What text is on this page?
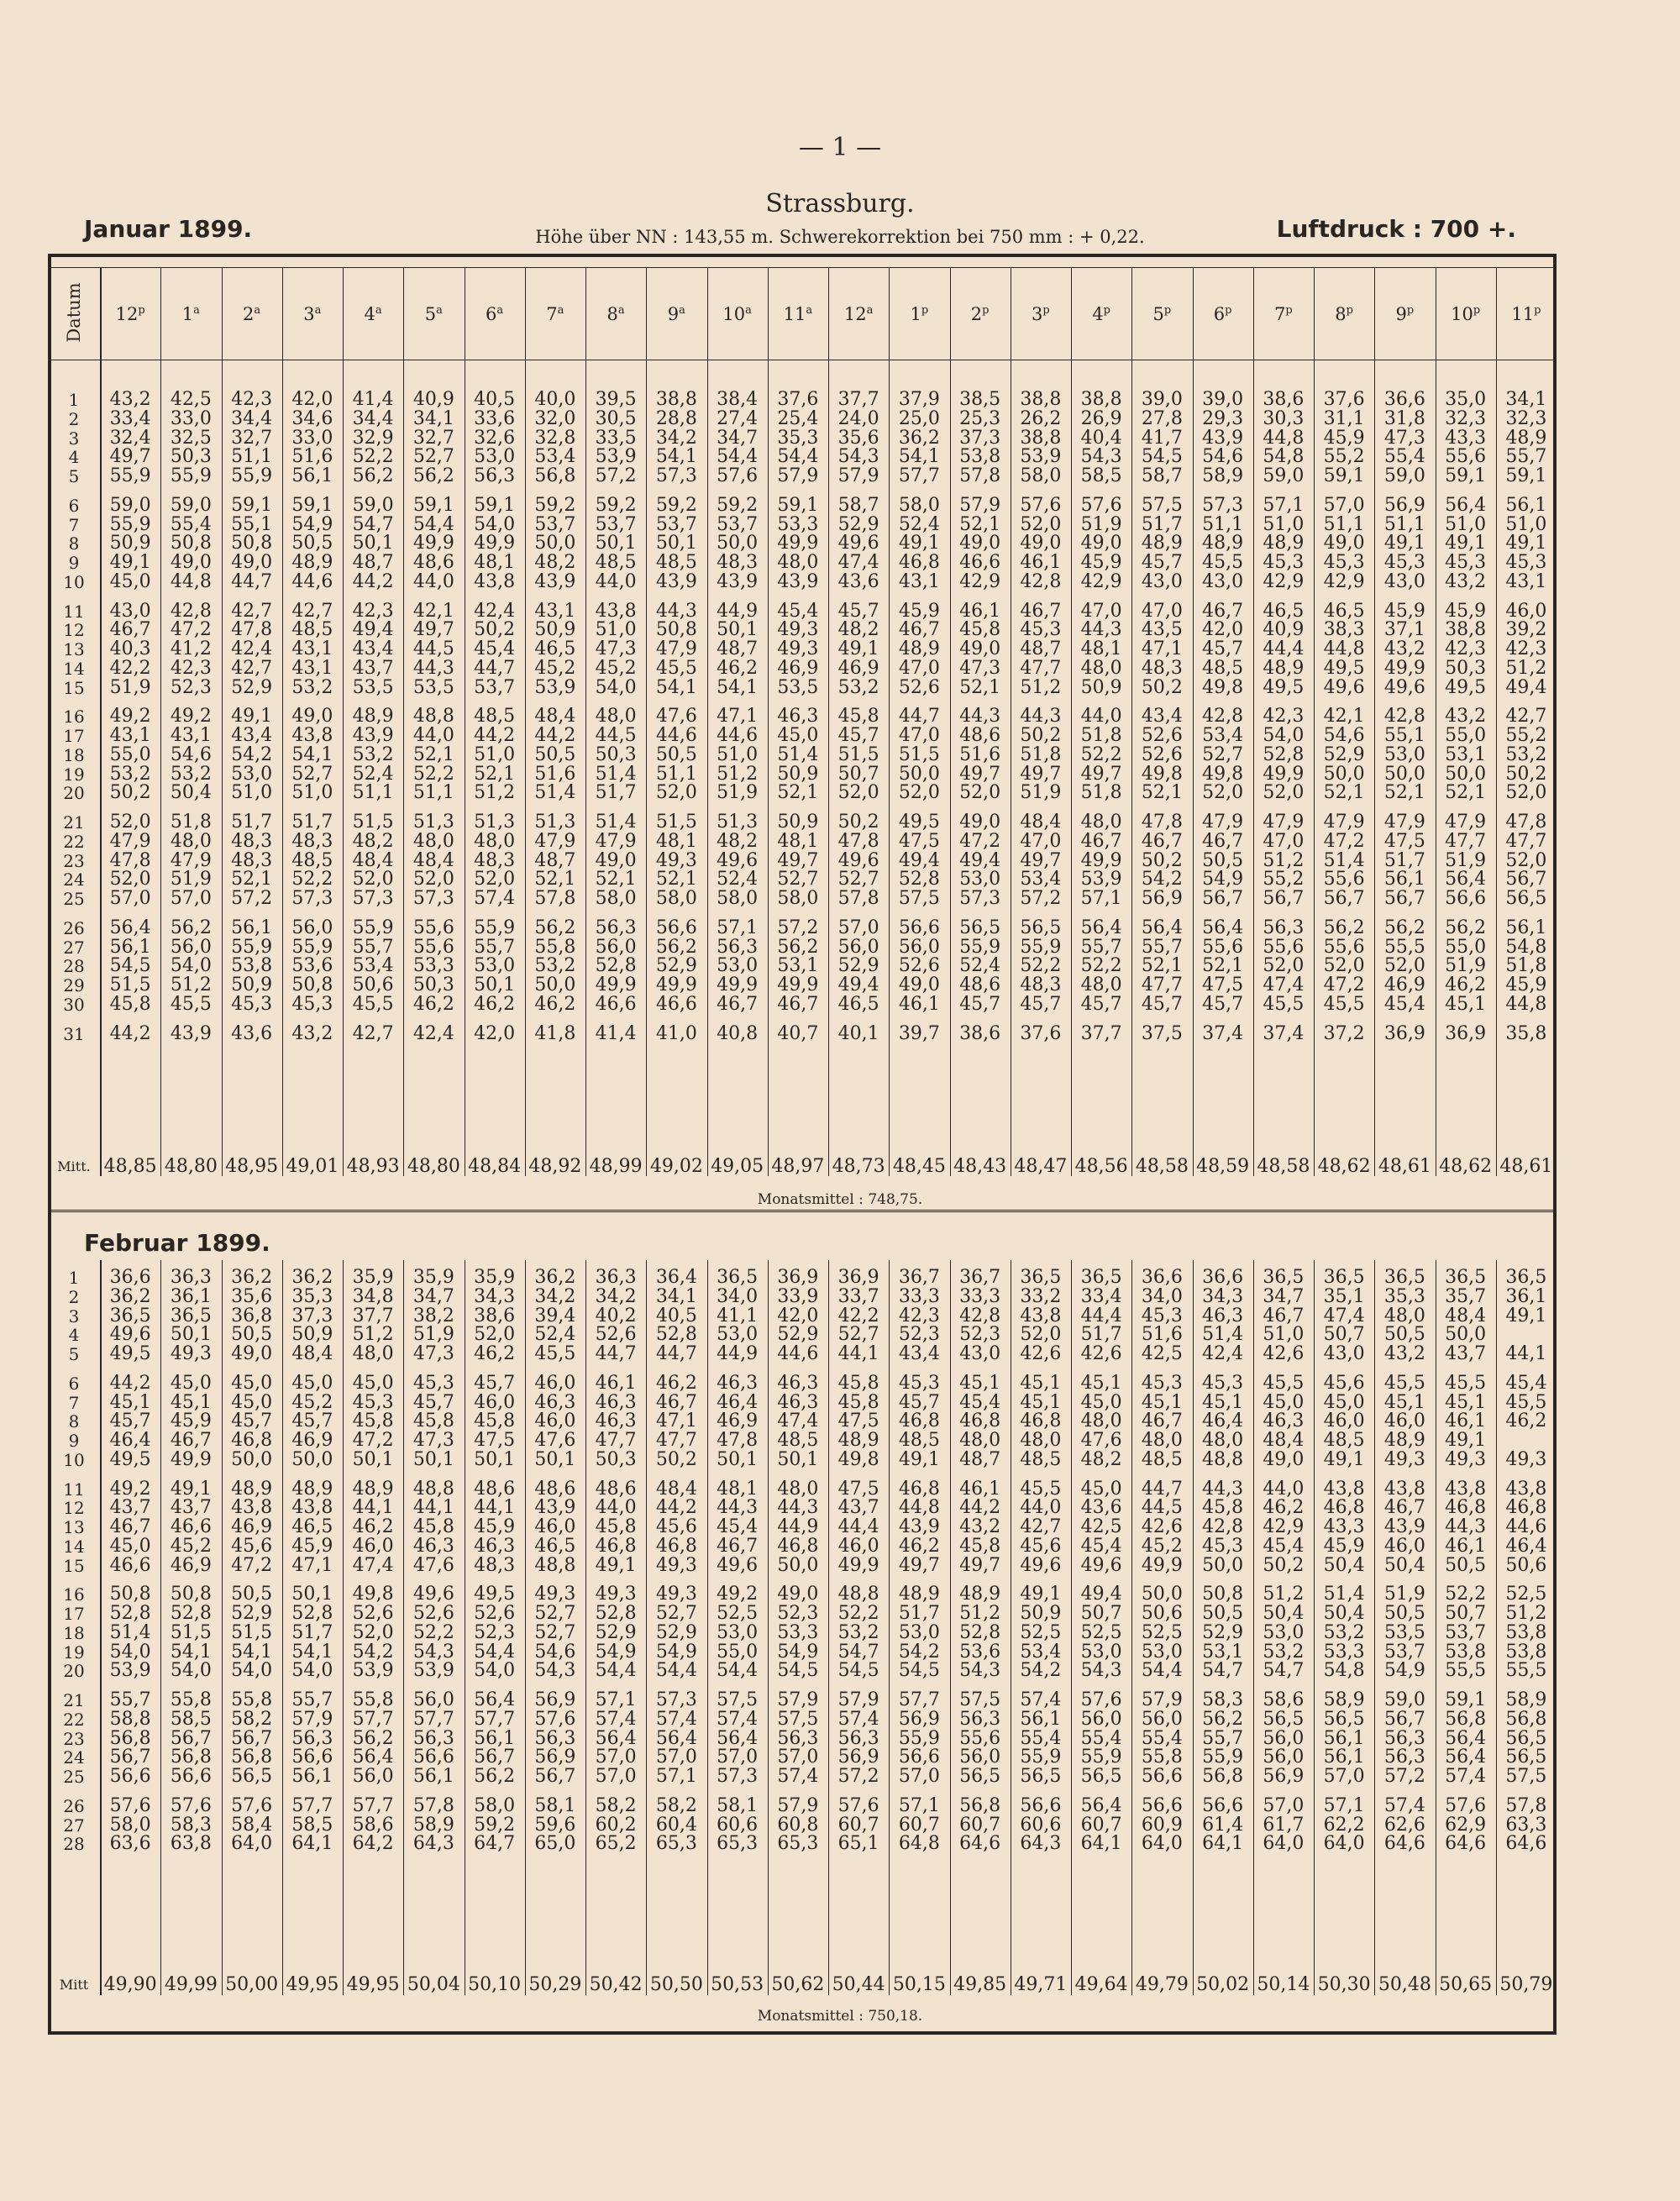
— 1 —
Strassburg.
Januar 1899.	Höhe über NN : 143,55 m. Schwerekorrektion bei 750 mm : + 0,22.	Luftdruck : 700 +.
12$^p$	1$^a$	2$^a$	3$^a$	4$^a$	5$^a$	6$^a$	7$^a$	8$^a$	9$^a$	10$^a$	11$^a$	12$^a$	1$^p$	2$^p$	3$^p$	4$^p$	5$^p$	6$^p$	7$^p$	8$^p$	9$^p$	10$^p$	11$^p$
1	43,2	42,5	42,3	42,0	41,4	40,9	40,5	40,0	39,5	38,8	38,4	37,6	37,7	37,9	38,5	38,8	38,8	39,0	39,0	38,6	37,6	36,6	35,0	34,1
2	33,4	33,0	34,4	34,6	34,4	34,1	33,6	32,0	30,5	28,8	27,4	25,4	24,0	25,0	25,3	26,2	26,9	27,8	29,3	30,3	31,1	31,8	32,3	32,3
3	32,4	32,5	32,7	33,0	32,9	32,7	32,6	32,8	33,5	34,2	34,7	35,3	35,6	36,2	37,3	38,8	40,4	41,7	43,9	44,8	45,9	47,3	43,3	48,9
4	49,7	50,3	51,1	51,6	52,2	52,7	53,0	53,4	53,9	54,1	54,4	54,4	54,3	54,1	53,8	53,9	54,3	54,5	54,6	54,8	55,2	55,4	55,6	55,7
5	55,9	55,9	55,9	56,1	56,2	56,2	56,3	56,8	57,2	57,3	57,6	57,9	57,9	57,7	57,8	58,0	58,5	58,7	58,9	59,0	59,1	59,0	59,1	59,1
6	59,0	59,0	59,1	59,1	59,0	59,1	59,1	59,2	59,2	59,2	59,2	59,1	58,7	58,0	57,9	57,6	57,6	57,5	57,3	57,1	57,0	56,9	56,4	56,1
7	55,9	55,4	55,1	54,9	54,7	54,4	54,0	53,7	53,7	53,7	53,7	53,3	52,9	52,4	52,1	52,0	51,9	51,7	51,1	51,0	51,1	51,1	51,0	51,0
8	50,9	50,8	50,8	50,5	50,1	49,9	49,9	50,0	50,1	50,1	50,0	49,9	49,6	49,1	49,0	49,0	49,0	48,9	48,9	48,9	49,0	49,1	49,1	49,1
9	49,1	49,0	49,0	48,9	48,7	48,6	48,1	48,2	48,5	48,5	48,3	48,0	47,4	46,8	46,6	46,1	45,9	45,7	45,5	45,3	45,3	45,3	45,3	45,3
10	45,0	44,8	44,7	44,6	44,2	44,0	43,8	43,9	44,0	43,9	43,9	43,9	43,6	43,1	42,9	42,8	42,9	43,0	43,0	42,9	42,9	43,0	43,2	43,1
11	43,0	42,8	42,7	42,7	42,3	42,1	42,4	43,1	43,8	44,3	44,9	45,4	45,7	45,9	46,1	46,7	47,0	47,0	46,7	46,5	46,5	45,9	45,9	46,0
12	46,7	47,2	47,8	48,5	49,4	49,7	50,2	50,9	51,0	50,8	50,1	49,3	48,2	46,7	45,8	45,3	44,3	43,5	42,0	40,9	38,3	37,1	38,8	39,2
13	40,3	41,2	42,4	43,1	43,4	44,5	45,4	46,5	47,3	47,9	48,7	49,3	49,1	48,9	49,0	48,7	48,1	47,1	45,7	44,4	44,8	43,2	42,3	42,3
14	42,2	42,3	42,7	43,1	43,7	44,3	44,7	45,2	45,2	45,5	46,2	46,9	46,9	47,0	47,3	47,7	48,0	48,3	48,5	48,9	49,5	49,9	50,3	51,2
15	51,9	52,3	52,9	53,2	53,5	53,5	53,7	53,9	54,0	54,1	54,1	53,5	53,2	52,6	52,1	51,2	50,9	50,2	49,8	49,5	49,6	49,6	49,5	49,4
16	49,2	49,2	49,1	49,0	48,9	48,8	48,5	48,4	48,0	47,6	47,1	46,3	45,8	44,7	44,3	44,3	44,0	43,4	42,8	42,3	42,1	42,8	43,2	42,7
17	43,1	43,1	43,4	43,8	43,9	44,0	44,2	44,2	44,5	44,6	44,6	45,0	45,7	47,0	48,6	50,2	51,8	52,6	53,4	54,0	54,6	55,1	55,0	55,2
18	55,0	54,6	54,2	54,1	53,2	52,1	51,0	50,5	50,3	50,5	51,0	51,4	51,5	51,5	51,6	51,8	52,2	52,6	52,7	52,8	52,9	53,0	53,1	53,2
19	53,2	53,2	53,0	52,7	52,4	52,2	52,1	51,6	51,4	51,1	51,2	50,9	50,7	50,0	49,7	49,7	49,7	49,8	49,8	49,9	50,0	50,0	50,0	50,2
20	50,2	50,4	51,0	51,0	51,1	51,1	51,2	51,4	51,7	52,0	51,9	52,1	52,0	52,0	52,0	51,9	51,8	52,1	52,0	52,0	52,1	52,1	52,1	52,0
21	52,0	51,8	51,7	51,7	51,5	51,3	51,3	51,3	51,4	51,5	51,3	50,9	50,2	49,5	49,0	48,4	48,0	47,8	47,9	47,9	47,9	47,9	47,9	47,8
22	47,9	48,0	48,3	48,3	48,2	48,0	48,0	47,9	47,9	48,1	48,2	48,1	47,8	47,5	47,2	47,0	46,7	46,7	46,7	47,0	47,2	47,5	47,7	47,7
23	47,8	47,9	48,3	48,5	48,4	48,4	48,3	48,7	49,0	49,3	49,6	49,7	49,6	49,4	49,4	49,7	49,9	50,2	50,5	51,2	51,4	51,7	51,9	52,0
24	52,0	51,9	52,1	52,2	52,0	52,0	52,0	52,1	52,1	52,1	52,4	52,7	52,7	52,8	53,0	53,4	53,9	54,2	54,9	55,2	55,6	56,1	56,4	56,7
25	57,0	57,0	57,2	57,3	57,3	57,3	57,4	57,8	58,0	58,0	58,0	58,0	57,8	57,5	57,3	57,2	57,1	56,9	56,7	56,7	56,7	56,7	56,6	56,5
26	56,4	56,2	56,1	56,0	55,9	55,6	55,9	56,2	56,3	56,6	57,1	57,2	57,0	56,6	56,5	56,5	56,4	56,4	56,4	56,3	56,2	56,2	56,2	56,1
27	56,1	56,0	55,9	55,9	55,7	55,6	55,7	55,8	56,0	56,2	56,3	56,2	56,0	56,0	55,9	55,9	55,7	55,7	55,6	55,6	55,6	55,5	55,0	54,8
28	54,5	54,0	53,8	53,6	53,4	53,3	53,0	53,2	52,8	52,9	53,0	53,1	52,9	52,6	52,4	52,2	52,2	52,1	52,1	52,0	52,0	52,0	51,9	51,8
29	51,5	51,2	50,9	50,8	50,6	50,3	50,1	50,0	49,9	49,9	49,9	49,9	49,4	49,0	48,6	48,3	48,0	47,7	47,5	47,4	47,2	46,9	46,2	45,9
30	45,8	45,5	45,3	45,3	45,5	46,2	46,2	46,2	46,6	46,6	46,7	46,7	46,5	46,1	45,7	45,7	45,7	45,7	45,7	45,5	45,5	45,4	45,1	44,8
31	44,2	43,9	43,6	43,2	42,7	42,4	42,0	41,8	41,4	41,0	40,8	40,7	40,1	39,7	38,6	37,6	37,7	37,5	37,4	37,4	37,2	36,9	36,9	35,8
Mitt. 48,85 48,80 48,95 49,01 48,93 48,80 48,84 48,92 48,99 49,02 49,05 48,97 48,73 48,45 48,43 48,47 48,56 48,58 48,59 48,58 48,62 48,61 48,62 48,61
1	36,6	36,3	36,2	36,2	35,9	35,9	35,9	36,2	36,3	36,4	36,5	36,9	36,9	36,7	36,7	36,5	36,5	36,6	36,6	36,5	36,5	36,5	36,5	36,5
2	36,2	36,1	35,6	35,3	34,8	34,7	34,3	34,2	34,2	34,1	34,0	33,9	33,7	33,3	33,3	33,2	33,4	34,0	34,3	34,7	35,1	35,3	35,7	36,1
3	36,5	36,5	36,8	37,3	37,7	38,2	38,6	39,4	40,2	40,5	41,1	42,0	42,2	42,3	42,8	43,8	44,4	45,3	46,3	46,7	47,4	48,0	48,4	49,1
4	49,6	50,1	50,5	50,9	51,2	51,9	52,0	52,4	52,6	52,8	53,0	52,9	52,7	52,3	52,3	52,0	51,7	51,6	51,4	51,0	50,7	50,5	50,0
5	49,5	49,3	49,0	48,4	48,0	47,3	46,2	45,5	44,7	44,7	44,9	44,6	44,1	43,4	43,0	42,6	42,6	42,5	42,4	42,6	43,0	43,2	43,7	44,1
6	44,2	45,0	45,0	45,0	45,0	45,3	45,7	46,0	46,1	46,2	46,3	46,3	45,8	45,3	45,1	45,1	45,1	45,3	45,3	45,5	45,6	45,5	45,5	45,4
7	45,1	45,1	45,0	45,2	45,3	45,7	46,0	46,3	46,3	46,7	46,4	46,3	45,8	45,7	45,4	45,1	45,0	45,1	45,1	45,0	45,0	45,1	45,1	45,5
8	45,7	45,9	45,7	45,7	45,8	45,8	45,8	46,0	46,3	47,1	46,9	47,4	47,5	46,8	46,8	46,8	48,0	46,7	46,4	46,3	46,0	46,0	46,1	46,2
9	46,4	46,7	46,8	46,9	47,2	47,3	47,5	47,6	47,7	47,7	47,8	48,5	48,9	48,5	48,0	48,0	47,6	48,0	48,0	48,4	48,5	48,9	49,1
10	49,5	49,9	50,0	50,0	50,1	50,1	50,1	50,1	50,3	50,2	50,1	50,1	49,8	49,1	48,7	48,5	48,2	48,5	48,8	49,0	49,1	49,3	49,3	49,3
11	49,2	49,1	48,9	48,9	48,9	48,8	48,6	48,6	48,6	48,4	48,1	48,0	47,5	46,8	46,1	45,5	45,0	44,7	44,3	44,0	43,8	43,8	43,8	43,8
12	43,7	43,7	43,8	43,8	44,1	44,1	44,1	43,9	44,0	44,2	44,3	44,3	43,7	44,8	44,2	44,0	43,6	44,5	45,8	46,2	46,8	46,7	46,8	46,8
13	46,7	46,6	46,9	46,5	46,2	45,8	45,9	46,0	45,8	45,6	45,4	44,9	44,4	43,9	43,2	42,7	42,5	42,6	42,8	42,9	43,3	43,9	44,3	44,6
14	45,0	45,2	45,6	45,9	46,0	46,3	46,3	46,5	46,8	46,8	46,7	46,8	46,0	46,2	45,8	45,6	45,4	45,2	45,3	45,4	45,9	46,0	46,1	46,4
15	46,6	46,9	47,2	47,1	47,4	47,6	48,3	48,8	49,1	49,3	49,6	50,0	49,9	49,7	49,7	49,6	49,6	49,9	50,0	50,2	50,4	50,4	50,5	50,6
16	50,8	50,8	50,5	50,1	49,8	49,6	49,5	49,3	49,3	49,3	49,2	49,0	48,8	48,9	48,9	49,1	49,4	50,0	50,8	51,2	51,4	51,9	52,2	52,5
17	52,8	52,8	52,9	52,8	52,6	52,6	52,6	52,7	52,8	52,7	52,5	52,3	52,2	51,7	51,2	50,9	50,7	50,6	50,5	50,4	50,4	50,5	50,7	51,2
18	51,4	51,5	51,5	51,7	52,0	52,2	52,3	52,7	52,9	52,9	53,0	53,3	53,2	53,0	52,8	52,5	52,5	52,5	52,9	53,0	53,2	53,5	53,7	53,8
19	54,0	54,1	54,1	54,1	54,2	54,3	54,4	54,6	54,9	54,9	55,0	54,9	54,7	54,2	53,6	53,4	53,0	53,0	53,1	53,2	53,3	53,7	53,8	53,8
20	53,9	54,0	54,0	54,0	53,9	53,9	54,0	54,3	54,4	54,4	54,4	54,5	54,5	54,5	54,3	54,2	54,3	54,4	54,7	54,7	54,8	54,9	55,5	55,5
21	55,7	55,8	55,8	55,7	55,8	56,0	56,4	56,9	57,1	57,3	57,5	57,9	57,9	57,7	57,5	57,4	57,6	57,9	58,3	58,6	58,9	59,0	59,1	58,9
22	58,8	58,5	58,2	57,9	57,7	57,7	57,7	57,6	57,4	57,4	57,4	57,5	57,4	56,9	56,3	56,1	56,0	56,0	56,2	56,5	56,5	56,7	56,8	56,8
23	56,8	56,7	56,7	56,3	56,2	56,3	56,1	56,3	56,4	56,4	56,4	56,3	56,3	55,9	55,6	55,4	55,4	55,4	55,7	56,0	56,1	56,3	56,4	56,5
24	56,7	56,8	56,8	56,6	56,4	56,6	56,7	56,9	57,0	57,0	57,0	57,0	56,9	56,6	56,0	55,9	55,9	55,8	55,9	56,0	56,1	56,3	56,4	56,5
25	56,6	56,6	56,5	56,1	56,0	56,1	56,2	56,7	57,0	57,1	57,3	57,4	57,2	57,0	56,5	56,5	56,5	56,6	56,8	56,9	57,0	57,2	57,4	57,5
26	57,6	57,6	57,6	57,7	57,7	57,8	58,0	58,1	58,2	58,2	58,1	57,9	57,6	57,1	56,8	56,6	56,4	56,6	56,6	57,0	57,1	57,4	57,6	57,8
27	58,0	58,3	58,4	58,5	58,6	58,9	59,2	59,6	60,2	60,4	60,6	60,8	60,7	60,7	60,7	60,6	60,7	60,9	61,4	61,7	62,2	62,6	62,9	63,3
28	63,6	63,8	64,0	64,1	64,2	64,3	64,7	65,0	65,2	65,3	65,3	65,3	65,1	64,8	64,6	64,3	64,1	64,0	64,1	64,0	64,0	64,6	64,6	64,6
Mitt 49,90 49,99 50,00 49,95 49,95 50,04 50,10 50,29 50,42 50,50 50,53 50,62 50,44 50,15 49,85 49,71 49,64 49,79 50,02 50,14 50,30 50,48 50,65 50,79
Datum
Februar 1899.
Monatsmittel : 748,75.
Monatsmittel : 750,18.
